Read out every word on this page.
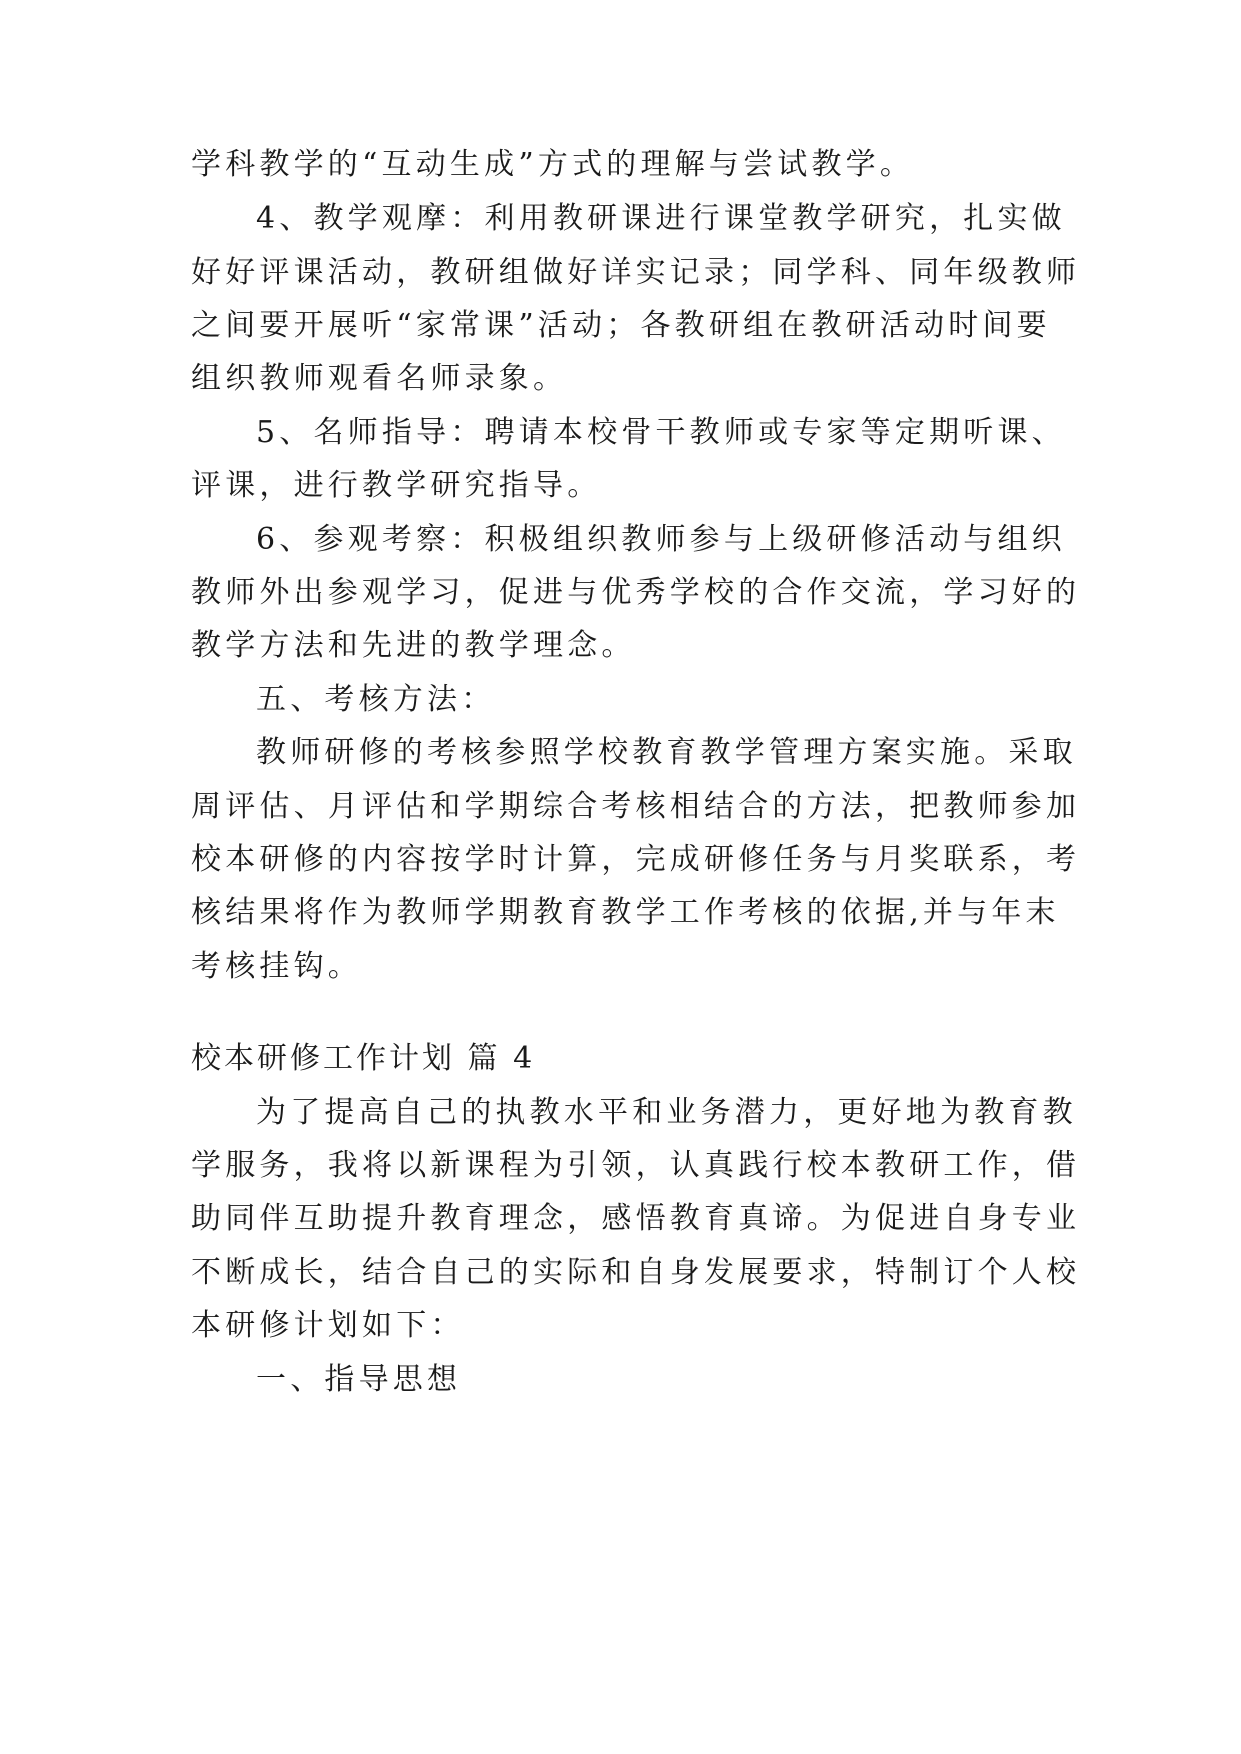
学科教学的“互动生成”方式的理解与尝试教学。
4、教学观摩：利用教研课进行课堂教学研究，扎实做
好好评课活动，教研组做好详实记录；同学科、同年级教师
之间要开展听“家常课”活动；各教研组在教研活动时间要
组织教师观看名师录象。
5、名师指导：聘请本校骨干教师或专家等定期听课、
评课，进行教学研究指导。
6、参观考察：积极组织教师参与上级研修活动与组织
教师外出参观学习，促进与优秀学校的合作交流，学习好的
教学方法和先进的教学理念。
五、考核方法：
教师研修的考核参照学校教育教学管理方案实施。采取
周评估、月评估和学期综合考核相结合的方法，把教师参加
校本研修的内容按学时计算，完成研修任务与月奖联系，考
核结果将作为教师学期教育教学工作考核的依据,并与年末
考核挂钩。
校本研修工作计划 篇 4
为了提高自己的执教水平和业务潜力，更好地为教育教
学服务，我将以新课程为引领，认真践行校本教研工作，借
助同伴互助提升教育理念，感悟教育真谛。为促进自身专业
不断成长，结合自己的实际和自身发展要求，特制订个人校
本研修计划如下：
一、指导思想
